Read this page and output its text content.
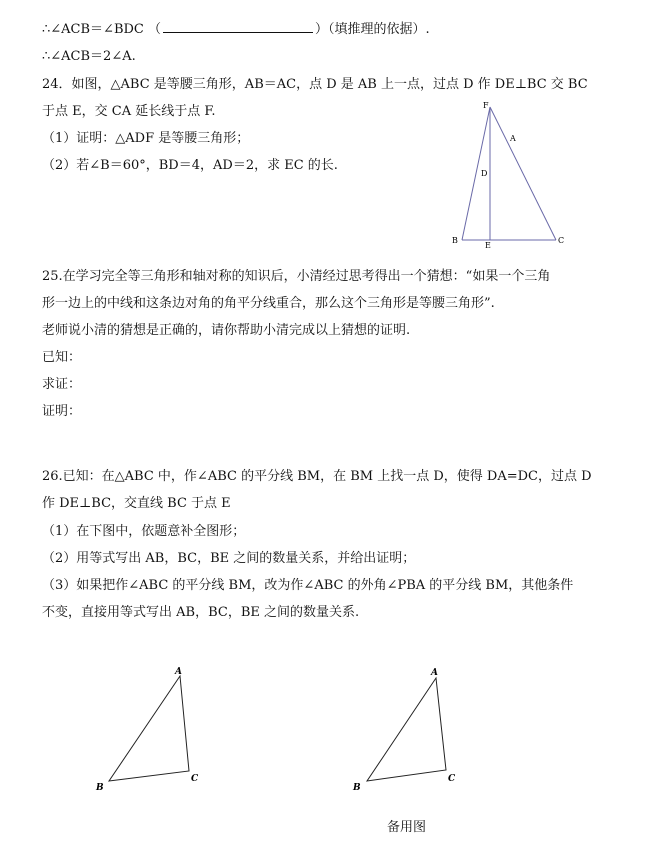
∴∠ACB＝∠BDC （	）（填推理的依据）.
∴∠ACB＝2∠A.
24．如图，△ABC 是等腰三角形，AB＝AC，点 D 是 AB 上一点，过点 D 作 DE⊥BC 交 BC
于点 E，交 CA 延长线于点 F.
（1）证明：△ADF 是等腰三角形；
（2）若∠B＝60°，BD＝4，AD＝2，求 EC 的长.
F
A
D
B
E
C
25.在学习完全等三角形和轴对称的知识后，小清经过思考得出一个猜想：“如果一个三角
形一边上的中线和这条边对角的角平分线重合，那么这个三角形是等腰三角形”.
老师说小清的猜想是正确的，请你帮助小清完成以上猜想的证明.
已知：
求证：
证明：
26.已知：在△ABC 中，作∠ABC 的平分线 BM，在 BM 上找一点 D，使得 DA=DC，过点 D
作 DE⊥BC，交直线 BC 于点 E
（1）在下图中，依题意补全图形；
（2）用等式写出 AB，BC，BE 之间的数量关系，并给出证明；
（3）如果把作∠ABC 的平分线 BM，改为作∠ABC 的外角∠PBA 的平分线 BM，其他条件
不变，直接用等式写出 AB，BC，BE 之间的数量关系.
A
B
C
A
B
C
备用图
